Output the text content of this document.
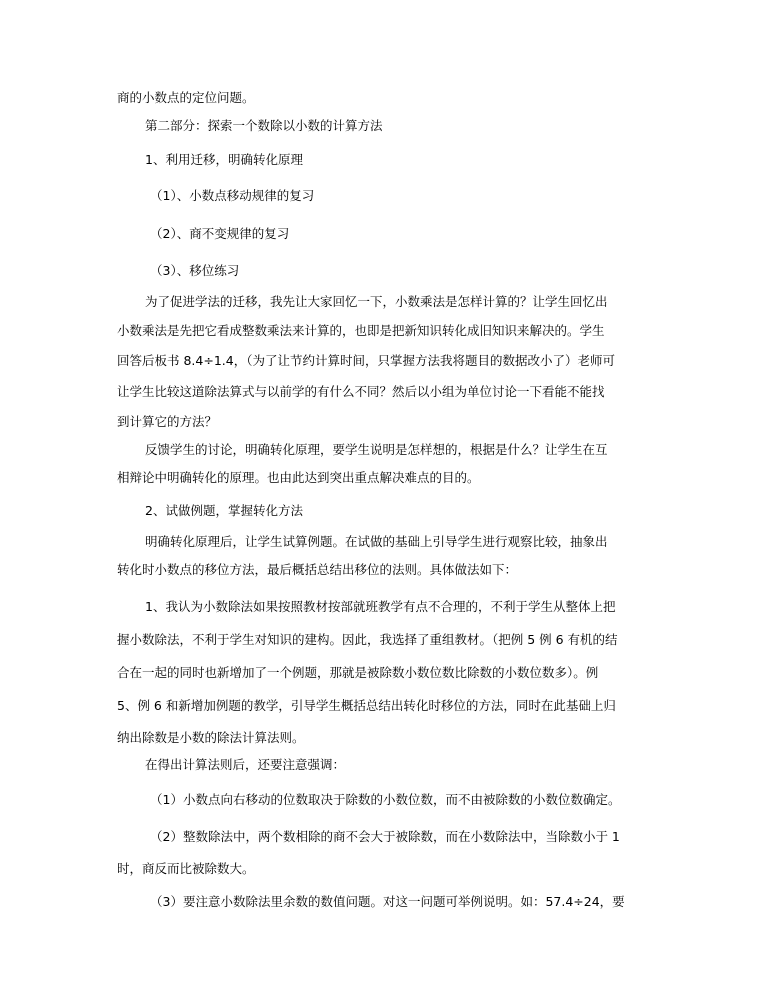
商的小数点的定位问题。
第二部分：探索一个数除以小数的计算方法
1、利用迁移，明确转化原理
（1）、小数点移动规律的复习
（2）、商不变规律的复习
（3）、移位练习
为了促进学法的迁移，我先让大家回忆一下，小数乘法是怎样计算的？让学生回忆出
小数乘法是先把它看成整数乘法来计算的，也即是把新知识转化成旧知识来解决的。学生
回答后板书 8.4÷1.4，（为了让节约计算时间，只掌握方法我将题目的数据改小了）老师可
让学生比较这道除法算式与以前学的有什么不同？然后以小组为单位讨论一下看能不能找
到计算它的方法？
反馈学生的讨论，明确转化原理，要学生说明是怎样想的，根据是什么？让学生在互
相辩论中明确转化的原理。也由此达到突出重点解决难点的目的。
2、试做例题，掌握转化方法
明确转化原理后，让学生试算例题。在试做的基础上引导学生进行观察比较，抽象出
转化时小数点的移位方法，最后概括总结出移位的法则。具体做法如下：
1、我认为小数除法如果按照教材按部就班教学有点不合理的，不利于学生从整体上把
握小数除法，不利于学生对知识的建构。因此，我选择了重组教材。（把例 5 例 6 有机的结
合在一起的同时也新增加了一个例题，那就是被除数小数位数比除数的小数位数多）。例
5、例 6 和新增加例题的教学，引导学生概括总结出转化时移位的方法，同时在此基础上归
纳出除数是小数的除法计算法则。
在得出计算法则后，还要注意强调：
（1）小数点向右移动的位数取决于除数的小数位数，而不由被除数的小数位数确定。
（2）整数除法中，两个数相除的商不会大于被除数，而在小数除法中，当除数小于 1
时，商反而比被除数大。
（3）要注意小数除法里余数的数值问题。对这一问题可举例说明。如：57.4÷24，要
